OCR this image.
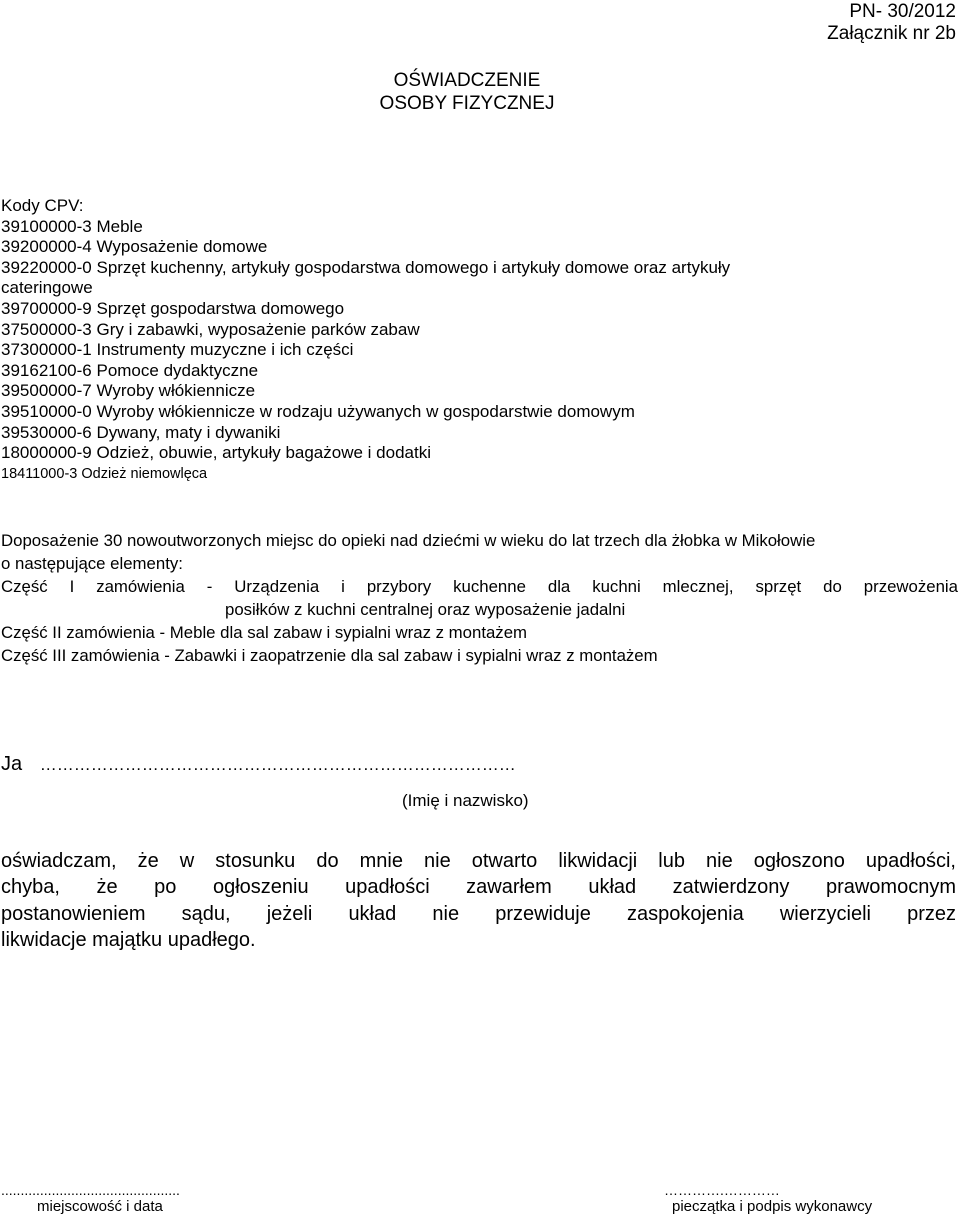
PN- 30/2012
Załącznik nr 2b
OŚWIADCZENIE
OSOBY FIZYCZNEJ
Kody CPV:
39100000-3 Meble
39200000-4 Wyposażenie domowe
39220000-0 Sprzęt kuchenny, artykuły gospodarstwa domowego i artykuły domowe oraz artykuły
cateringowe
39700000-9 Sprzęt gospodarstwa domowego
37500000-3 Gry i zabawki, wyposażenie parków zabaw
37300000-1 Instrumenty muzyczne i ich części
39162100-6 Pomoce dydaktyczne
39500000-7 Wyroby włókiennicze
39510000-0 Wyroby włókiennicze w rodzaju używanych w gospodarstwie domowym
39530000-6 Dywany, maty i dywaniki
18000000-9 Odzież, obuwie, artykuły bagażowe i dodatki
18411000-3 Odzież niemowlęca
Doposażenie 30 nowoutworzonych miejsc do opieki nad dziećmi w wieku do lat trzech dla żłobka w Mikołowie
o następujące elementy:
Część I zamówienia - Urządzenia i przybory kuchenne dla kuchni mlecznej, sprzęt do przewożenia
posiłków z kuchni centralnej oraz wyposażenie jadalni
Część II zamówienia - Meble dla sal zabaw i sypialni wraz z montażem
Część III zamówienia - Zabawki i zaopatrzenie dla sal zabaw i sypialni wraz z montażem
Ja …………………………………………………………………………
(Imię i nazwisko)
oświadczam, że w stosunku do mnie nie otwarto likwidacji lub nie ogłoszono upadłości,
chyba, że po ogłoszeniu upadłości zawarłem układ zatwierdzony prawomocnym
postanowieniem sądu, jeżeli układ nie przewiduje zaspokojenia wierzycieli przez
likwidacje majątku upadłego.
..............................................
miejscowość i data
………….…………
pieczątka i podpis wykonawcy
